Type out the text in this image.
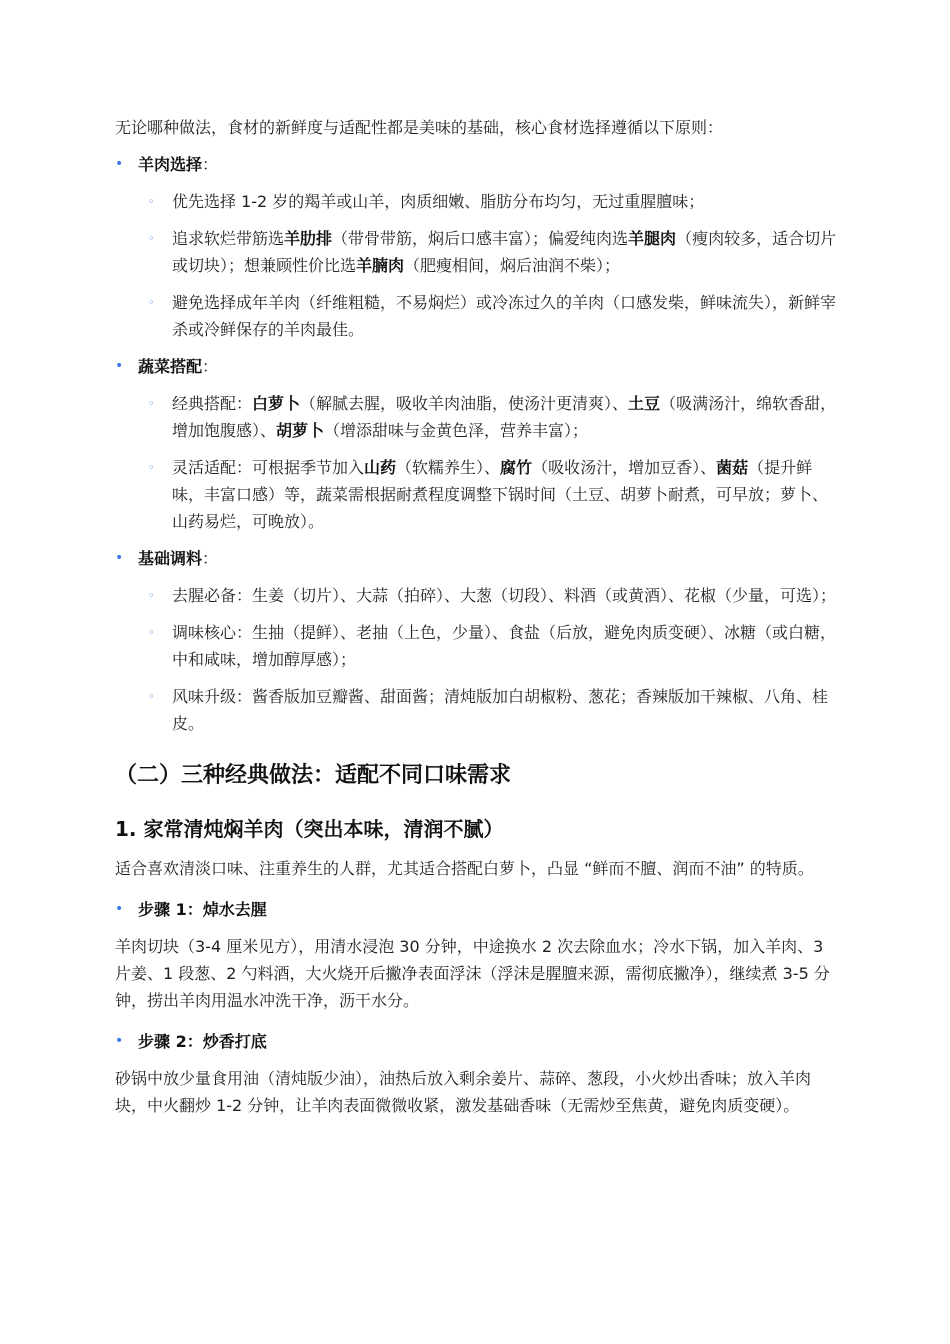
无论哪种做法，食材的新鲜度与适配性都是美味的基础，核心食材选择遵循以下原则：

• 羊肉选择：
◦ 优先选择 1-2 岁的羯羊或山羊，肉质细嫩、脂肪分布均匀，无过重腥膻味；
◦ 追求软烂带筋选羊肋排（带骨带筋，焖后口感丰富）；偏爱纯肉选羊腿肉（瘦肉较多，适合切片或切块）；想兼顾性价比选羊腩肉（肥瘦相间，焖后油润不柴）；
◦ 避免选择成年羊肉（纤维粗糙，不易焖烂）或冷冻过久的羊肉（口感发柴，鲜味流失），新鲜宰杀或冷鲜保存的羊肉最佳。
• 蔬菜搭配：
◦ 经典搭配：白萝卜（解腻去腥，吸收羊肉油脂，使汤汁更清爽）、土豆（吸满汤汁，绵软香甜，增加饱腹感）、胡萝卜（增添甜味与金黄色泽，营养丰富）；
◦ 灵活适配：可根据季节加入山药（软糯养生）、腐竹（吸收汤汁，增加豆香）、菌菇（提升鲜味，丰富口感）等，蔬菜需根据耐煮程度调整下锅时间（土豆、胡萝卜耐煮，可早放；萝卜、山药易烂，可晚放）。
• 基础调料：
◦ 去腥必备：生姜（切片）、大蒜（拍碎）、大葱（切段）、料酒（或黄酒）、花椒（少量，可选）；
◦ 调味核心：生抽（提鲜）、老抽（上色，少量）、食盐（后放，避免肉质变硬）、冰糖（或白糖，中和咸味，增加醇厚感）；
◦ 风味升级：酱香版加豆瓣酱、甜面酱；清炖版加白胡椒粉、葱花；香辣版加干辣椒、八角、桂皮。
（二）三种经典做法：适配不同口味需求
1. 家常清炖焖羊肉（突出本味，清润不腻）

适合喜欢清淡口味、注重养生的人群，尤其适合搭配白萝卜，凸显 “鲜而不膻、润而不油” 的特质。

• 步骤 1：焯水去腥

羊肉切块（3-4 厘米见方），用清水浸泡 30 分钟，中途换水 2 次去除血水；冷水下锅，加入羊肉、3 片姜、1 段葱、2 勺料酒，大火烧开后撇净表面浮沫（浮沫是腥膻来源，需彻底撇净），继续煮 3-5 分钟，捞出羊肉用温水冲洗干净，沥干水分。

• 步骤 2：炒香打底

砂锅中放少量食用油（清炖版少油），油热后放入剩余姜片、蒜碎、葱段，小火炒出香味；放入羊肉块，中火翻炒 1-2 分钟，让羊肉表面微微收紧，激发基础香味（无需炒至焦黄，避免肉质变硬）。
